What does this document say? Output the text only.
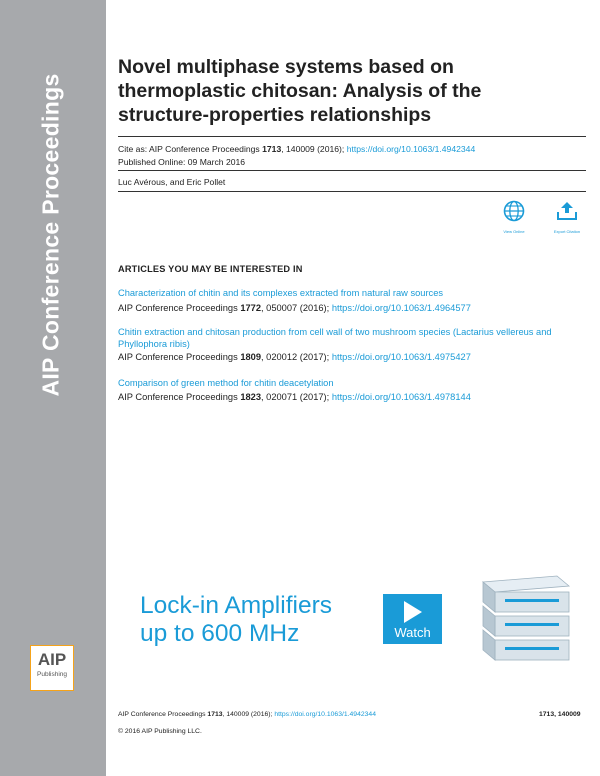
AIP Conference Proceedings
AIP
Publishing
Novel multiphase systems based on thermoplastic chitosan: Analysis of the structure-properties relationships
Cite as: AIP Conference Proceedings 1713, 140009 (2016); https://doi.org/10.1063/1.4942344
Published Online: 09 March 2016
Luc Avérous, and Eric Pollet
View Online	Export Citation
ARTICLES YOU MAY BE INTERESTED IN
Characterization of chitin and its complexes extracted from natural raw sources
AIP Conference Proceedings 1772, 050007 (2016); https://doi.org/10.1063/1.4964577
Chitin extraction and chitosan production from cell wall of two mushroom species (Lactarius vellereus and Phyllophora ribis)
AIP Conference Proceedings 1809, 020012 (2017); https://doi.org/10.1063/1.4975427
Comparison of green method for chitin deacetylation
AIP Conference Proceedings 1823, 020071 (2017); https://doi.org/10.1063/1.4978144
Lock-in Amplifiers
up to 600 MHz	Watch
AIP Conference Proceedings 1713, 140009 (2016); https://doi.org/10.1063/1.4942344	1713, 140009
© 2016 AIP Publishing LLC.
